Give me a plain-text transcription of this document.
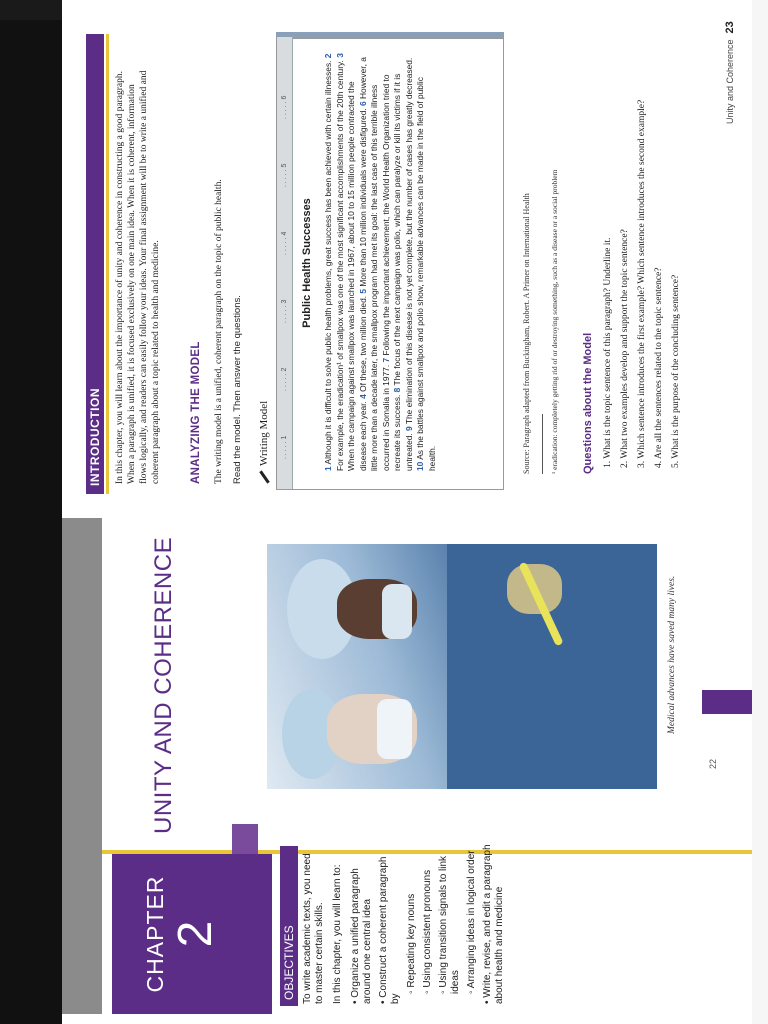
CHAPTER 2
UNITY AND COHERENCE
OBJECTIVES To write academic texts, you need to master certain skills. In this chapter, you will learn to: • Organize a unified paragraph around one central idea • Construct a coherent paragraph by
◦ Repeating key nouns ◦ Using consistent pronouns ◦ Using transition signals to link ideas ◦ Arranging ideas in logical order • Write, revise, and edit a paragraph about health and medicine
Medical advances have saved many lives.
22
INTRODUCTION In this chapter, you will learn about the importance of unity and coherence in constructing a good paragraph. When a paragraph is unified, it is focused exclusively on one main idea. When it is coherent, information flows logically, and readers can easily follow your ideas. Your final assignment will be to write a unified and coherent paragraph about a topic related to health and medicine.	ANALYZING THE MODEL The writing model is a unified, coherent paragraph on the topic of public health. Read the model. Then answer the questions. Writing Model . . . . . 1
. . . . . 2
. . . . . 3
. . . . . 4
. . . . . 5
. . . . . 6
Public Health Successes
1 Although it is difficult to solve public health problems, great success has been achieved with certain illnesses. 2 For example, the eradication¹ of smallpox was one of the most significant accomplishments of the 20th century. 3 When the campaign against smallpox was launched in 1967, about 10 to 15 million people contracted the disease each year. 4 Of these, two million died. 5 More than 10 million individuals were disfigured. 6 However, a little more than a decade later, the smallpox program had met its goal: the last case of this terrible illness occurred in Somalia in 1977. 7 Following the important achievement, the World Health Organization tried to recreate its success. 8 The focus of the next campaign was polio, which can paralyze or kill its victims if it is untreated. 9 The elimination of this disease is not yet complete, but the number of cases has greatly decreased. 10 As the battles against smallpox and polio show, remarkable advances can be made in the field of public health.	Source: Paragraph adapted from Buckingham, Robert. A Primer on International Health	¹ eradication: completely getting rid of or destroying something, such as a disease or a social problem Questions about the Model 1. What is the topic sentence of this paragraph? Underline it. 2. What two examples develop and support the topic sentence? 3. Which sentence introduces the first example? Which sentence introduces the second example? 4. Are all the sentences related to the topic sentence? 5. What is the purpose of the concluding sentence?
Unity and Coherence23
